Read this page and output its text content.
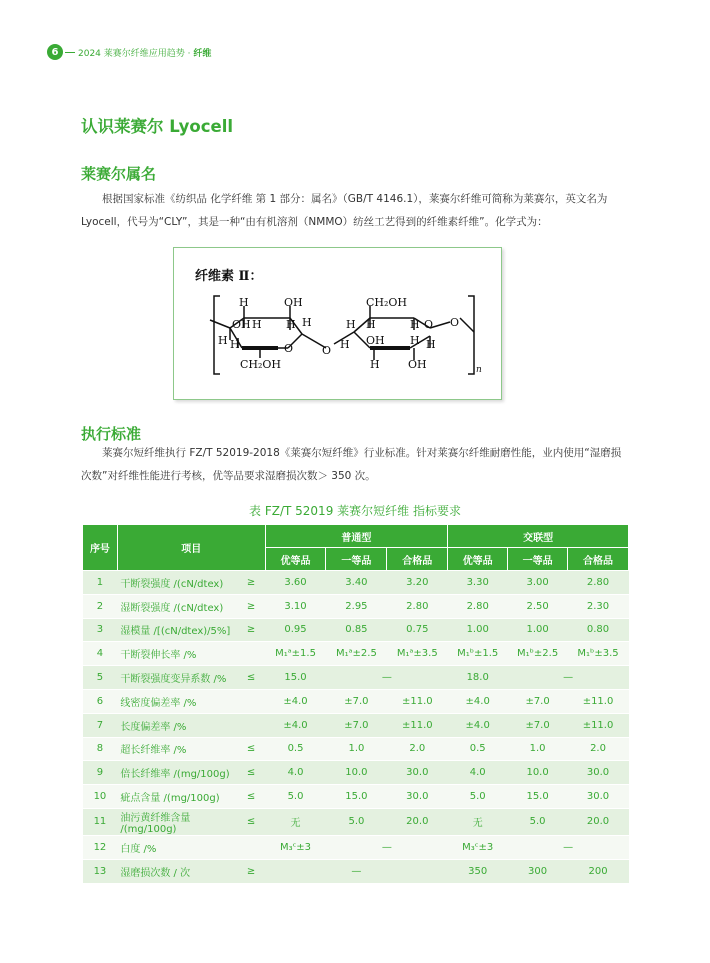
6	2024 莱赛尔纤维应用趋势 · 纤维
认识莱赛尔 Lyocell
莱赛尔属名

根据国家标准《纺织品 化学纤维 第 1 部分：属名》（GB/T 4146.1），莱赛尔纤维可简称为莱赛尔，英文名为 Lyocell，代号为“CLY”，其是一种“由有机溶剂（NMMO）纺丝工艺得到的纤维素纤维”。化学式为：

纤维素 Ⅱ：
n
H	OH
OH H H H
H H	O
CH₂OH
O
CH₂OH
O O
H H	H
H OH H H
H	OH
执行标准

莱赛尔短纤维执行 FZ/T 52019-2018《莱赛尔短纤维》行业标准。针对莱赛尔纤维耐磨性能，业内使用“湿磨损次数”对纤维性能进行考核，优等品要求湿磨损次数＞ 350 次。

表 FZ/T 52019 莱赛尔短纤维 指标要求
序号	项目		普通型			交联型		
			优等品	一等品	合格品	优等品	一等品	合格品
1	干断裂强度 /(cN/dtex)	≥	3.60	3.40	3.20	3.30	3.00	2.80
2	湿断裂强度 /(cN/dtex)	≥	3.10	2.95	2.80	2.80	2.50	2.30
3	湿模量 /[(cN/dtex)/5%]	≥	0.95	0.85	0.75	1.00	1.00	0.80
4	干断裂伸长率 /%		M₁ᵃ±1.5	M₁ᵃ±2.5	M₁ᵃ±3.5	M₁ᵇ±1.5	M₁ᵇ±2.5	M₁ᵇ±3.5
5	干断裂强度变异系数 /%	≤	15.0	—		18.0	—	
6	线密度偏差率 /%		±4.0	±7.0	±11.0	±4.0	±7.0	±11.0
7	长度偏差率 /%		±4.0	±7.0	±11.0	±4.0	±7.0	±11.0
8	超长纤维率 /%	≤	0.5	1.0	2.0	0.5	1.0	2.0
9	倍长纤维率 /(mg/100g)	≤	4.0	10.0	30.0	4.0	10.0	30.0
10	疵点含量 /(mg/100g)	≤	5.0	15.0	30.0	5.0	15.0	30.0
11	油污黄纤维含量 /(mg/100g)	≤	无	5.0	20.0	无	5.0	20.0
12	白度 /%		M₃ᶜ±3	—		M₃ᶜ±3	—	
13	湿磨损次数 / 次	≥	—			350	300	200
